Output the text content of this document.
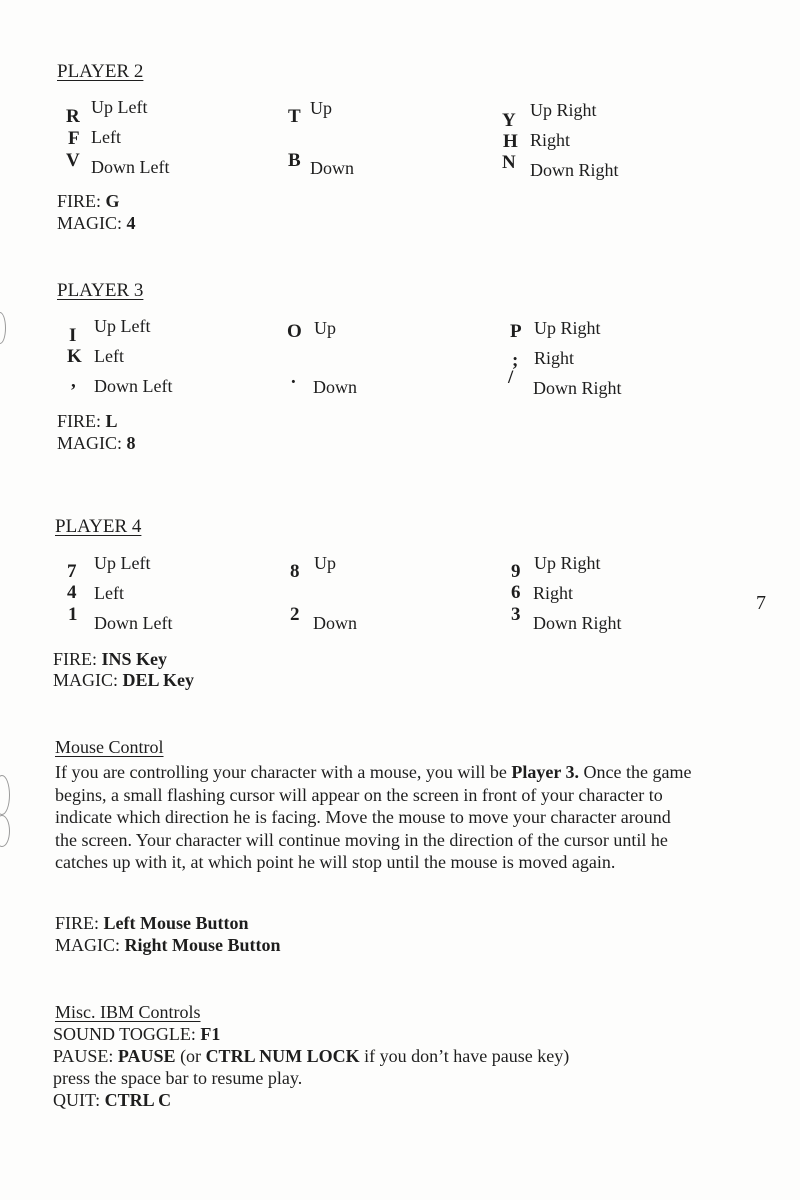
PLAYER 2
R Up Left
F Left
V Down Left
T Up
B Down
Y Up Right
H Right
N Down Right
FIRE: G
MAGIC: 4
PLAYER 3
I Up Left
K Left
, Down Left
O Up
. Down
P Up Right
; Right
/ Down Right
FIRE: L
MAGIC: 8
PLAYER 4
7 Up Left
4 Left
1 Down Left
8 Up
2 Down
9 Up Right
6 Right
3 Down Right
FIRE: INS Key
MAGIC: DEL Key
7
Mouse Control

If you are controlling your character with a mouse, you will be Player 3. Once the game begins, a small flashing cursor will appear on the screen in front of your character to indicate which direction he is facing. Move the mouse to move your character around the screen. Your character will continue moving in the direction of the cursor until he catches up with it, at which point he will stop until the mouse is moved again.

FIRE: Left Mouse Button
MAGIC: Right Mouse Button
Misc. IBM Controls
SOUND TOGGLE: F1
PAUSE: PAUSE (or CTRL NUM LOCK if you don’t have pause key)
press the space bar to resume play.
QUIT: CTRL C
